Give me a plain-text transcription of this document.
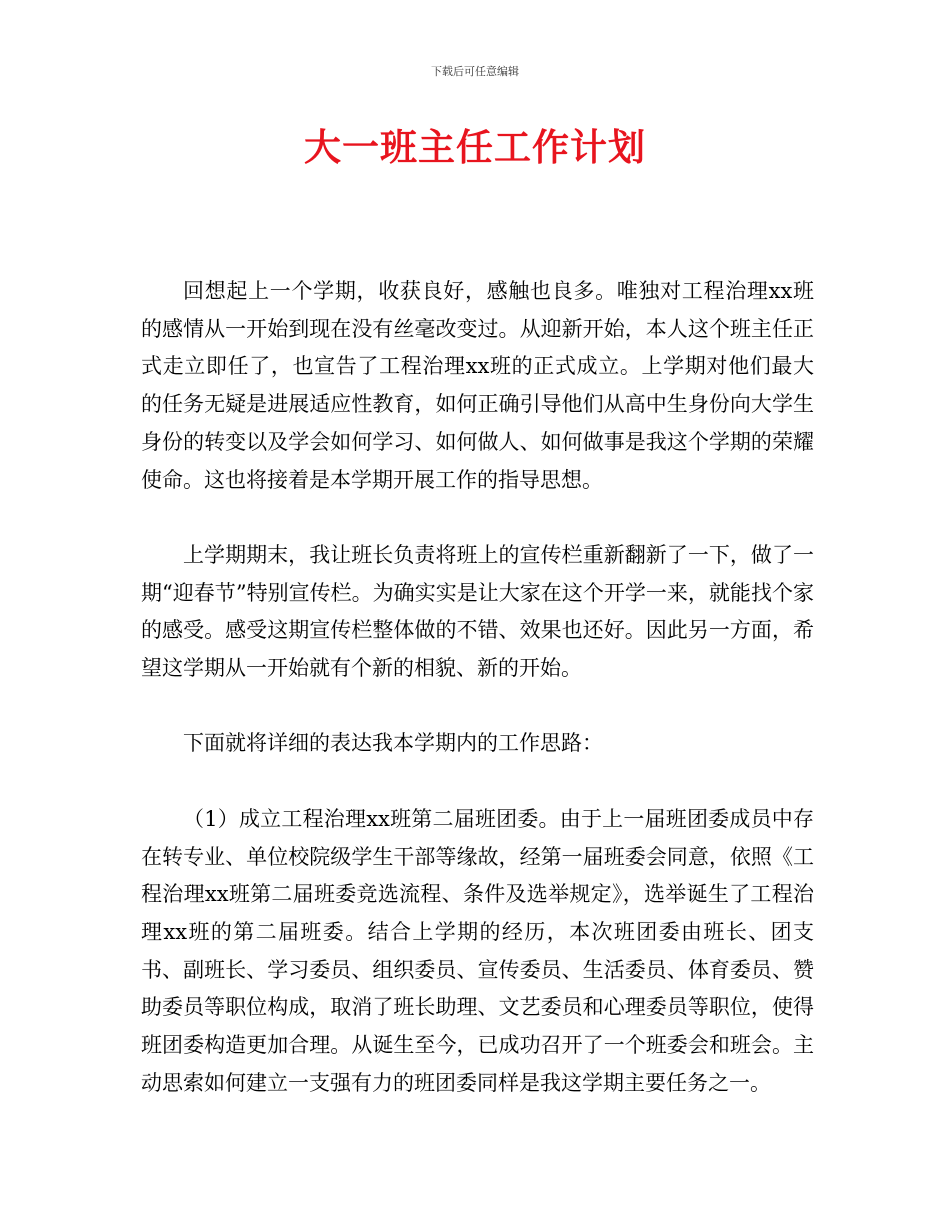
下载后可任意编辑
大一班主任工作计划

回想起上一个学期，收获良好，感触也良多。唯独对工程治理xx班的感情从一开始到现在没有丝毫改变过。从迎新开始，本人这个班主任正式走立即任了，也宣告了工程治理xx班的正式成立。上学期对他们最大的任务无疑是进展适应性教育，如何正确引导他们从高中生身份向大学生身份的转变以及学会如何学习、如何做人、如何做事是我这个学期的荣耀使命。这也将接着是本学期开展工作的指导思想。

上学期期末，我让班长负责将班上的宣传栏重新翻新了一下，做了一期“迎春节”特别宣传栏。为确实实是让大家在这个开学一来，就能找个家的感受。感受这期宣传栏整体做的不错、效果也还好。因此另一方面，希望这学期从一开始就有个新的相貌、新的开始。

下面就将详细的表达我本学期内的工作思路：

（1）成立工程治理xx班第二届班团委。由于上一届班团委成员中存在转专业、单位校院级学生干部等缘故，经第一届班委会同意，依照《工程治理xx班第二届班委竞选流程、条件及选举规定》，选举诞生了工程治理xx班的第二届班委。结合上学期的经历，本次班团委由班长、团支书、副班长、学习委员、组织委员、宣传委员、生活委员、体育委员、赞助委员等职位构成，取消了班长助理、文艺委员和心理委员等职位，使得班团委构造更加合理。从诞生至今，已成功召开了一个班委会和班会。主动思索如何建立一支强有力的班团委同样是我这学期主要任务之一。
